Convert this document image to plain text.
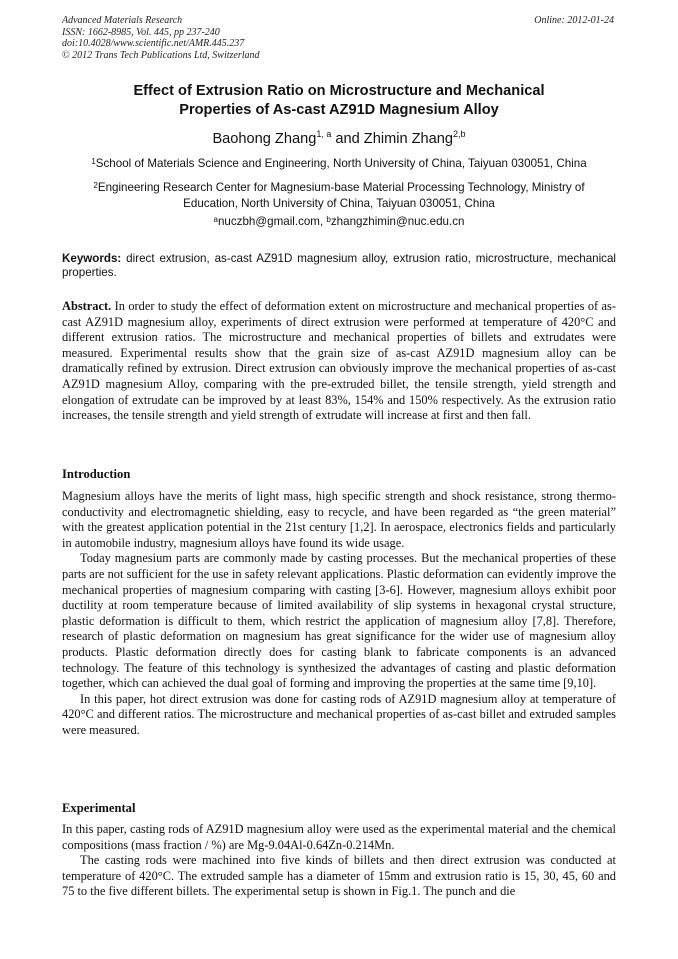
Advanced Materials Research
ISSN: 1662-8985, Vol. 445, pp 237-240
doi:10.4028/www.scientific.net/AMR.445.237
© 2012 Trans Tech Publications Ltd, Switzerland
Online: 2012-01-24
Effect of Extrusion Ratio on Microstructure and Mechanical
Properties of As-cast AZ91D Magnesium Alloy
Baohong Zhang$^{1, a}$ and Zhimin Zhang$^{2,b}$
$^1$School of Materials Science and Engineering, North University of China, Taiyuan 030051, China
$^2$Engineering Research Center for Magnesium-base Material Processing Technology, Ministry of
Education, North University of China, Taiyuan 030051, China
$^a$nuczbh@gmail.com, $^b$zhangzhimin@nuc.edu.cn
Keywords: direct extrusion, as-cast AZ91D magnesium alloy, extrusion ratio, microstructure, mechanical properties.
Abstract. In order to study the effect of deformation extent on microstructure and mechanical properties of as-cast AZ91D magnesium alloy, experiments of direct extrusion were performed at temperature of 420°C and different extrusion ratios. The microstructure and mechanical properties of billets and extrudates were measured. Experimental results show that the grain size of as-cast AZ91D magnesium alloy can be dramatically refined by extrusion. Direct extrusion can obviously improve the mechanical properties of as-cast AZ91D magnesium Alloy, comparing with the pre-extruded billet, the tensile strength, yield strength and elongation of extrudate can be improved by at least 83%, 154% and 150% respectively. As the extrusion ratio increases, the tensile strength and yield strength of extrudate will increase at first and then fall.
Introduction

Magnesium alloys have the merits of light mass, high specific strength and shock resistance, strong thermo-conductivity and electromagnetic shielding, easy to recycle, and have been regarded as “the green material” with the greatest application potential in the 21st century [1,2]. In aerospace, electronics fields and particularly in automobile industry, magnesium alloys have found its wide usage.

Today magnesium parts are commonly made by casting processes. But the mechanical properties of these parts are not sufficient for the use in safety relevant applications. Plastic deformation can evidently improve the mechanical properties of magnesium comparing with casting [3-6]. However, magnesium alloys exhibit poor ductility at room temperature because of limited availability of slip systems in hexagonal crystal structure, plastic deformation is difficult to them, which restrict the application of magnesium alloy [7,8]. Therefore, research of plastic deformation on magnesium has great significance for the wider use of magnesium alloy products. Plastic deformation directly does for casting blank to fabricate components is an advanced technology. The feature of this technology is synthesized the advantages of casting and plastic deformation together, which can achieved the dual goal of forming and improving the properties at the same time [9,10].

In this paper, hot direct extrusion was done for casting rods of AZ91D magnesium alloy at temperature of 420°C and different ratios. The microstructure and mechanical properties of as-cast billet and extruded samples were measured.

Experimental

In this paper, casting rods of AZ91D magnesium alloy were used as the experimental material and the chemical compositions (mass fraction / %) are Mg-9.04Al-0.64Zn-0.214Mn.

The casting rods were machined into five kinds of billets and then direct extrusion was conducted at temperature of 420°C. The extruded sample has a diameter of 15mm and extrusion ratio is 15, 30, 45, 60 and 75 to the five different billets. The experimental setup is shown in Fig.1. The punch and die
